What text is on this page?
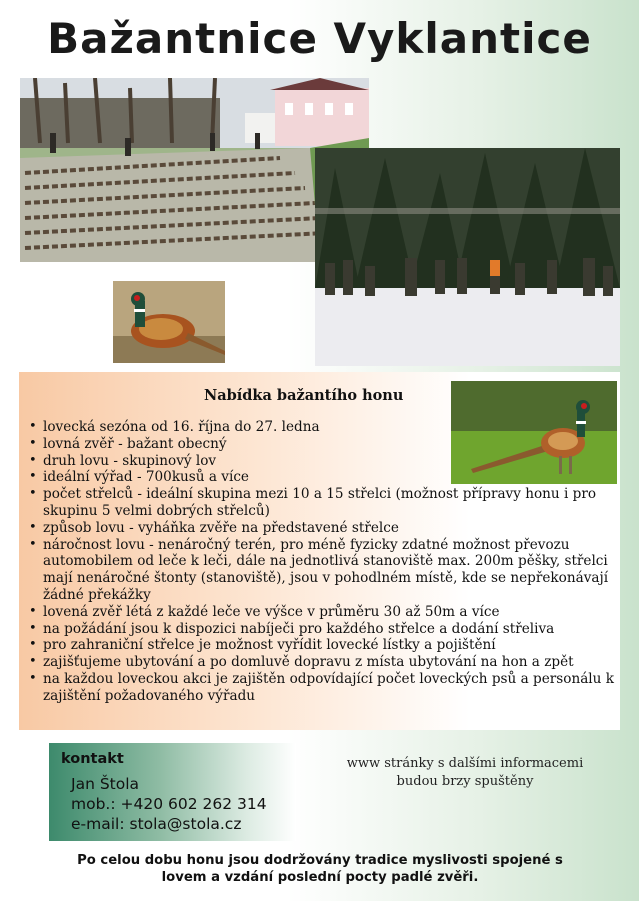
Bažantnice Vyklantice
Nabídka bažantího honu
• lovecká sezóna od 16. října do 27. ledna
• lovná zvěř - bažant obecný
• druh lovu - skupinový lov
• ideální výřad - 700kusů a více
• počet střelců - ideální skupina mezi 10 a 15 střelci (možnost přípravy honu i pro skupinu 5 velmi dobrých střelců)
• způsob lovu - vyháňka zvěře na představené střelce
• náročnost lovu - nenáročný terén, pro méně fyzicky zdatné možnost převozu automobilem od leče k leči, dále na jednotlivá stanoviště max. 200m pěšky, střelci mají nenáročné štonty (stanoviště), jsou v pohodlném místě, kde se nepřekonávají žádné překážky
• lovená zvěř létá z každé leče ve výšce v průměru 30 až 50m a více
• na požádání jsou k dispozici nabíječi pro každého střelce a dodání střeliva
• pro zahraniční střelce je možnost vyřídit lovecké lístky a pojištění
• zajišťujeme ubytování a po domluvě dopravu z místa ubytování na hon a zpět
• na každou loveckou akci je zajištěn odpovídající počet loveckých psů a personálu k zajištění požadovaného výřadu
kontakt
Jan Štola
mob.: +420 602 262 314
e-mail: stola@stola.cz
www stránky s dalšími informacemi
budou brzy spuštěny
Po celou dobu honu jsou dodržovány tradice myslivosti spojené s
lovem a vzdání poslední pocty padlé zvěři.
